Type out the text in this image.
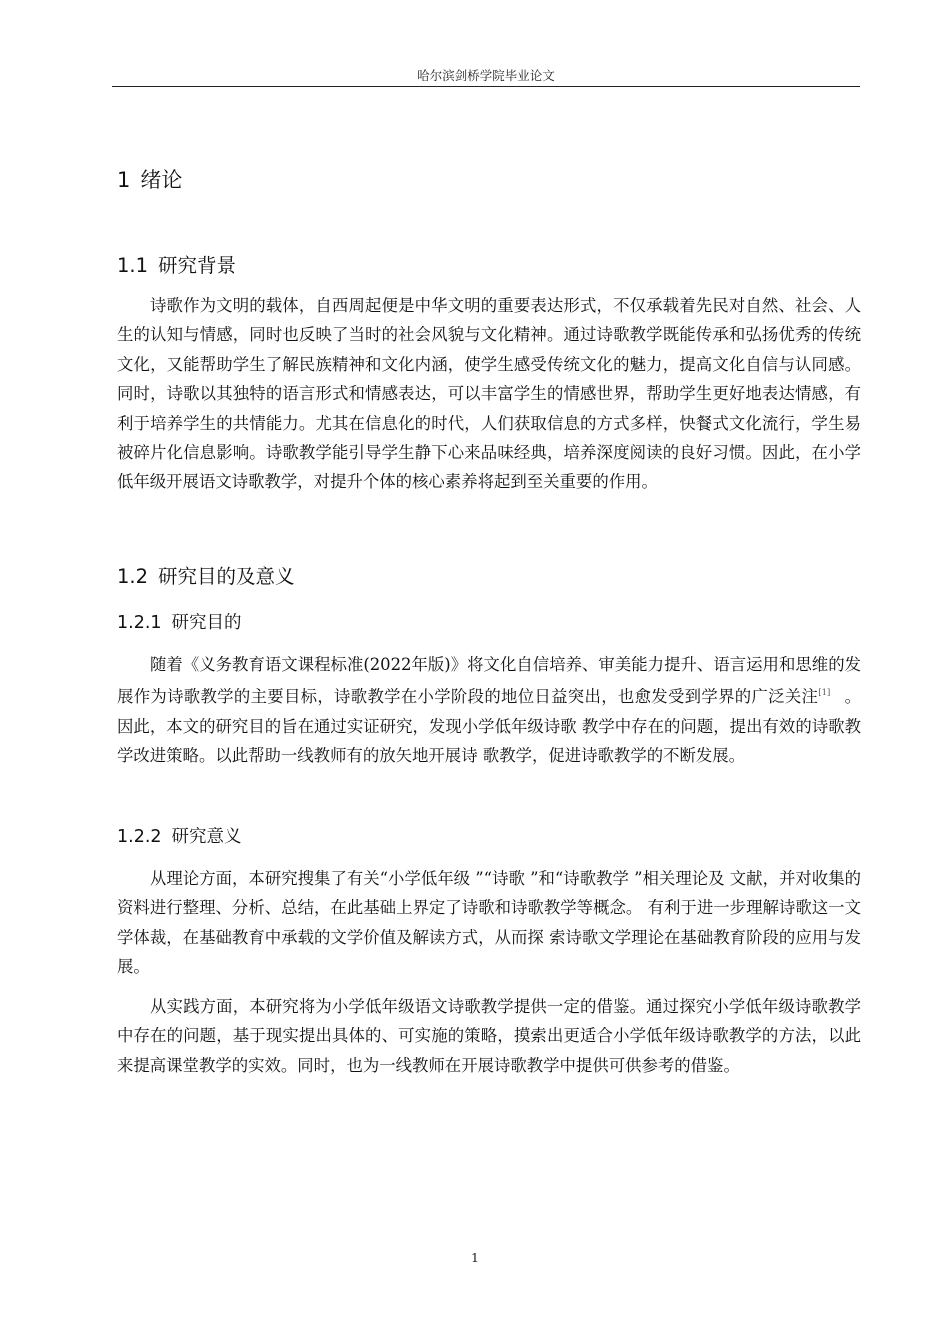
哈尔滨剑桥学院毕业论文
1 绪论
1.1 研究背景

诗歌作为文明的载体，自西周起便是中华文明的重要表达形式，不仅承载着先民对自然、社会、人生的认知与情感，同时也反映了当时的社会风貌与文化精神。通过诗歌教学既能传承和弘扬优秀的传统文化，又能帮助学生了解民族精神和文化内涵，使学生感受传统文化的魅力，提高文化自信与认同感。同时，诗歌以其独特的语言形式和情感表达，可以丰富学生的情感世界，帮助学生更好地表达情感，有利于培养学生的共情能力。尤其在信息化的时代，人们获取信息的方式多样，快餐式文化流行，学生易被碎片化信息影响。诗歌教学能引导学生静下心来品味经典，培养深度阅读的良好习惯。因此，在小学低年级开展语文诗歌教学，对提升个体的核心素养将起到至关重要的作用。

1.2 研究目的及意义
1.2.1 研究目的

随着《义务教育语文课程标准(2022年版)》将文化自信培养、审美能力提升、语言运用和思维的发展作为诗歌教学的主要目标，诗歌教学在小学阶段的地位日益突出，也愈发受到学界的广泛关注[1] 。因此，本文的研究目的旨在通过实证研究，发现小学低年级诗歌 教学中存在的问题，提出有效的诗歌教学改进策略。以此帮助一线教师有的放矢地开展诗 歌教学，促进诗歌教学的不断发展。

1.2.2 研究意义

从理论方面，本研究搜集了有关“小学低年级 ”“诗歌 ”和“诗歌教学 ”相关理论及 文献，并对收集的资料进行整理、分析、总结，在此基础上界定了诗歌和诗歌教学等概念。 有利于进一步理解诗歌这一文学体裁，在基础教育中承载的文学价值及解读方式，从而探 索诗歌文学理论在基础教育阶段的应用与发展。

从实践方面，本研究将为小学低年级语文诗歌教学提供一定的借鉴。通过探究小学低年级诗歌教学中存在的问题，基于现实提出具体的、可实施的策略，摸索出更适合小学低年级诗歌教学的方法，以此来提高课堂教学的实效。同时，也为一线教师在开展诗歌教学中提供可供参考的借鉴。

1
